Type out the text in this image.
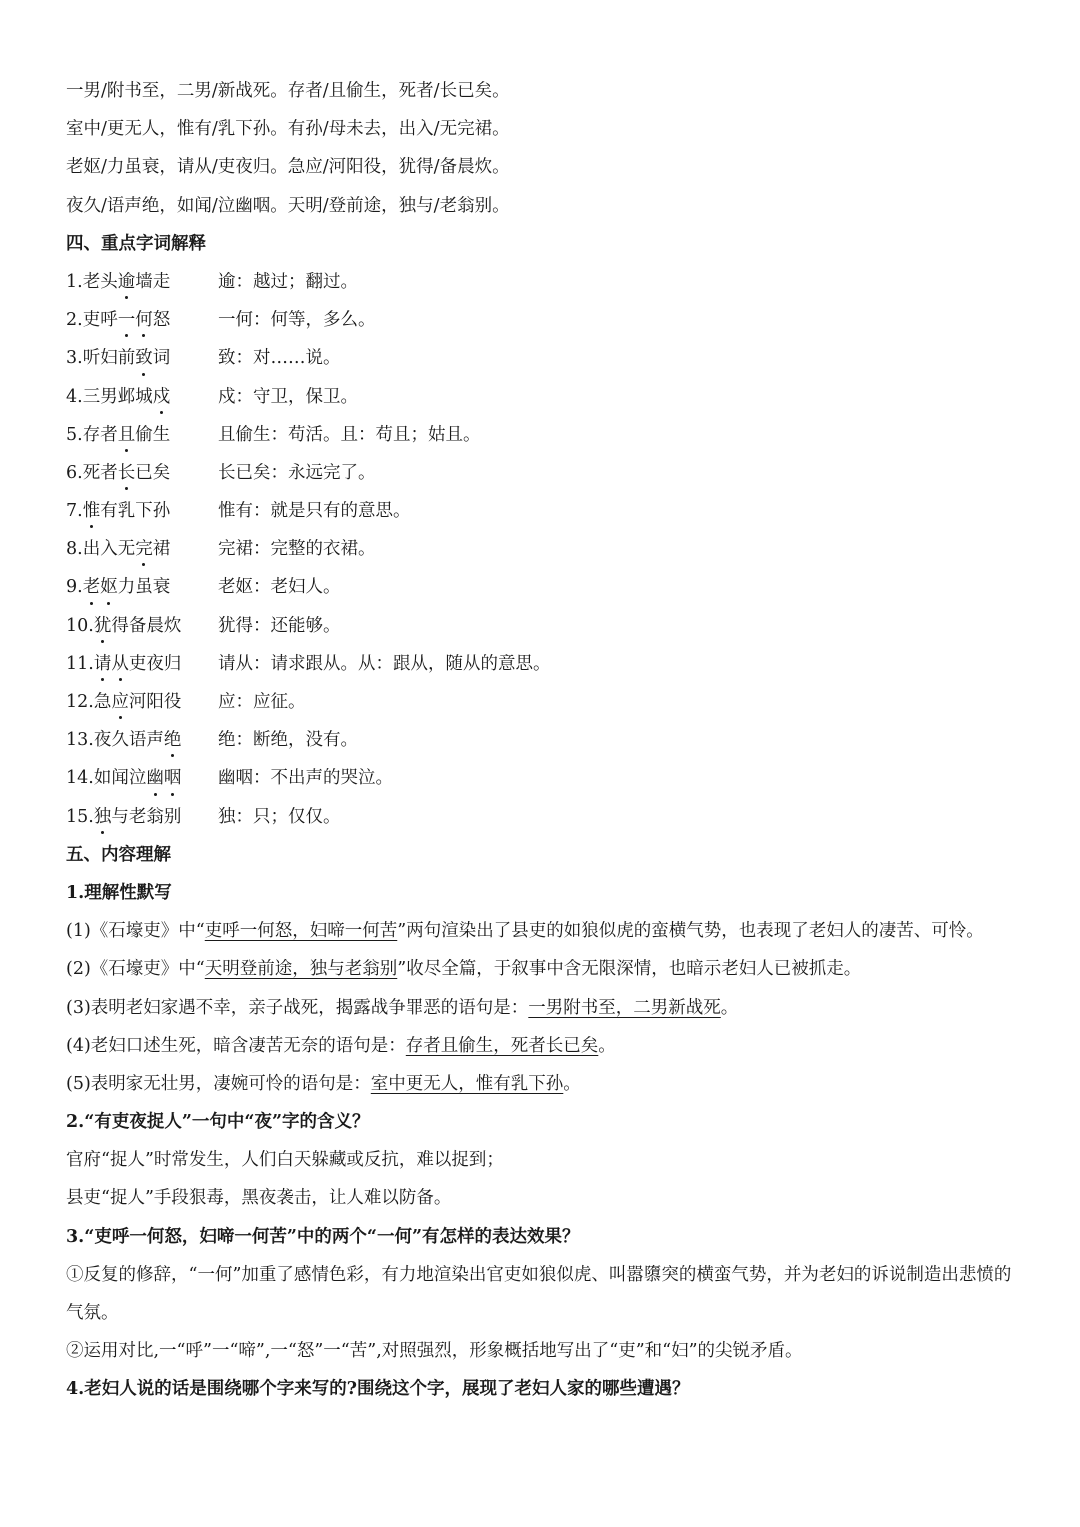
一男/附书至，二男/新战死。存者/且偷生，死者/长已矣。
室中/更无人，惟有/乳下孙。有孙/母未去，出入/无完裙。
老妪/力虽衰，请从/吏夜归。急应/河阳役，犹得/备晨炊。
夜久/语声绝，如闻/泣幽咽。天明/登前途，独与/老翁别。
四、重点字词解释
1.老头逾墙走	逾：越过；翻过。
2.吏呼一何怒	一何：何等，多么。
3.听妇前致词	致：对……说。
4.三男邺城戍	戍：守卫，保卫。
5.存者且偷生	且偷生：苟活。且：苟且；姑且。
6.死者长已矣	长已矣：永远完了。
7.惟有乳下孙	惟有：就是只有的意思。
8.出入无完裙	完裙：完整的衣裙。
9.老妪力虽衰	老妪：老妇人。
10.犹得备晨炊	犹得：还能够。
11.请从吏夜归	请从：请求跟从。从：跟从，随从的意思。
12.急应河阳役	应：应征。
13.夜久语声绝	绝：断绝，没有。
14.如闻泣幽咽	幽咽：不出声的哭泣。
15.独与老翁别	独：只；仅仅。
五、内容理解
1.理解性默写
(1)《石壕吏》中“吏呼一何怒，妇啼一何苦”两句渲染出了县吏的如狼似虎的蛮横气势，也表现了老妇人的凄苦、可怜。
(2)《石壕吏》中“天明登前途，独与老翁别”收尽全篇，于叙事中含无限深情，也暗示老妇人已被抓走。
(3)表明老妇家遇不幸，亲子战死，揭露战争罪恶的语句是：一男附书至，二男新战死。
(4)老妇口述生死，暗含凄苦无奈的语句是：存者且偷生，死者长已矣。
(5)表明家无壮男，凄婉可怜的语句是：室中更无人，惟有乳下孙。
2.“有吏夜捉人”一句中“夜”字的含义？
官府“捉人”时常发生，人们白天躲藏或反抗，难以捉到；
县吏“捉人”手段狠毒，黑夜袭击，让人难以防备。
3.“吏呼一何怒，妇啼一何苦”中的两个“一何”有怎样的表达效果？
①反复的修辞，“一何”加重了感情色彩，有力地渲染出官吏如狼似虎、叫嚣隳突的横蛮气势，并为老妇的诉说制造出悲愤的气氛。
②运用对比,一“呼”一“啼”,一“怒”一“苦”,对照强烈，形象概括地写出了“吏”和“妇”的尖锐矛盾。
4.老妇人说的话是围绕哪个字来写的?围绕这个字，展现了老妇人家的哪些遭遇？
